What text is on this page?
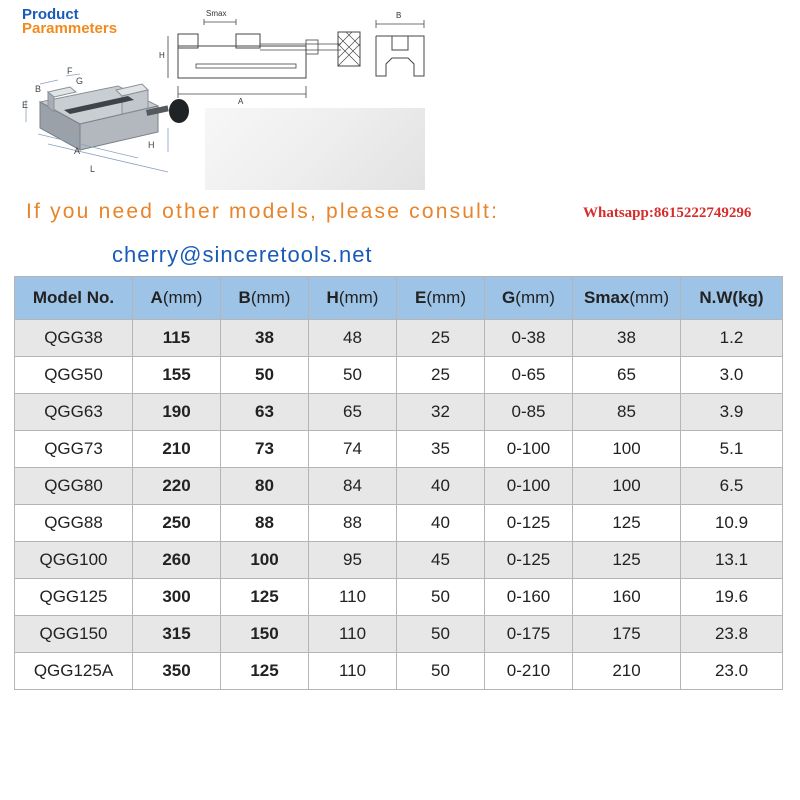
Product
Parammeters
B
F
G
E
A
L
H
Smax
H
A
B
If you need other models, please consult:	Whatsapp:8615222749296
cherry@sinceretools.net
Model No.	A(mm)	B(mm)	H(mm)	E(mm)	G(mm)	Smax(mm)	N.W(kg)
QGG38	115	38	48	25	0-38	38	1.2
QGG50	155	50	50	25	0-65	65	3.0
QGG63	190	63	65	32	0-85	85	3.9
QGG73	210	73	74	35	0-100	100	5.1
QGG80	220	80	84	40	0-100	100	6.5
QGG88	250	88	88	40	0-125	125	10.9
QGG100	260	100	95	45	0-125	125	13.1
QGG125	300	125	110	50	0-160	160	19.6
QGG150	315	150	110	50	0-175	175	23.8
QGG125A	350	125	110	50	0-210	210	23.0
